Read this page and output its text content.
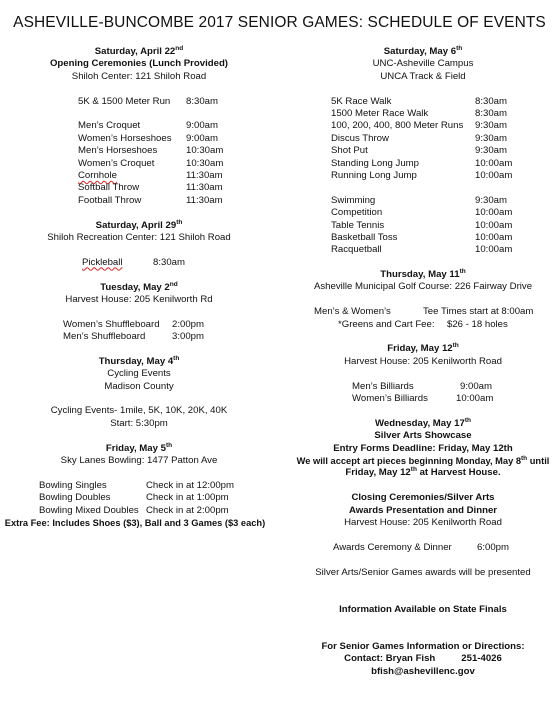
ASHEVILLE-BUNCOMBE 2017 SENIOR GAMES: SCHEDULE OF EVENTS
Saturday, April 22nd
Opening Ceremonies (Lunch Provided)
Shiloh Center: 121 Shiloh Road
5K & 1500 Meter Run 8:30am
Men’s Croquet	9:00am
Women’s Horseshoes 9:00am
Men’s Horseshoes	10:30am
Women’s Croquet	10:30am
Cornhole	11:30am
Softball Throw	11:30am
Football Throw	11:30am
Saturday, April 29th
Shiloh Recreation Center: 121 Shiloh Road
Pickleball	8:30am
Tuesday, May 2nd
Harvest House: 205 Kenilworth Rd
Women’s Shuffleboard 2:00pm
Men’s Shuffleboard	3:00pm
Thursday, May 4th
Cycling Events
Madison County
Cycling Events- 1mile, 5K, 10K, 20K, 40K
Start: 5:30pm
Friday, May 5th
Sky Lanes Bowling: 1477 Patton Ave
Bowling Singles	Check in at 12:00pm
Bowling Doubles	Check in at 1:00pm
Bowling Mixed Doubles Check in at 2:00pm
Extra Fee: Includes Shoes ($3), Ball and 3 Games ($3 each)
Saturday, May 6th
UNC-Asheville Campus
UNCA Track & Field
5K Race Walk	8:30am
1500 Meter Race Walk	8:30am
100, 200, 400, 800 Meter Runs 9:30am
Discus Throw	9:30am
Shot Put	9:30am
Standing Long Jump	10:00am
Running Long Jump	10:00am
Swimming	9:30am
Competition	10:00am
Table Tennis	10:00am
Basketball Toss	10:00am
Racquetball	10:00am
Thursday, May 11th
Asheville Municipal Golf Course: 226 Fairway Drive
Men’s & Women’s	Tee Times start at 8:00am
*Greens and Cart Fee: $26 - 18 holes
Friday, May 12th
Harvest House: 205 Kenilworth Road
Men’s Billiards	9:00am
Women’s Billiards	10:00am
Wednesday, May 17th
Silver Arts Showcase
Entry Forms Deadline: Friday, May 12th
We will accept art pieces beginning Monday, May 8th until
Friday, May 12th at Harvest House.
Closing Ceremonies/Silver Arts
Awards Presentation and Dinner
Harvest House: 205 Kenilworth Road
Awards Ceremony & Dinner	6:00pm
Silver Arts/Senior Games awards will be presented
Information Available on State Finals
For Senior Games Information or Directions:
Contact: Bryan Fish	251-4026
bfish@ashevillenc.gov
